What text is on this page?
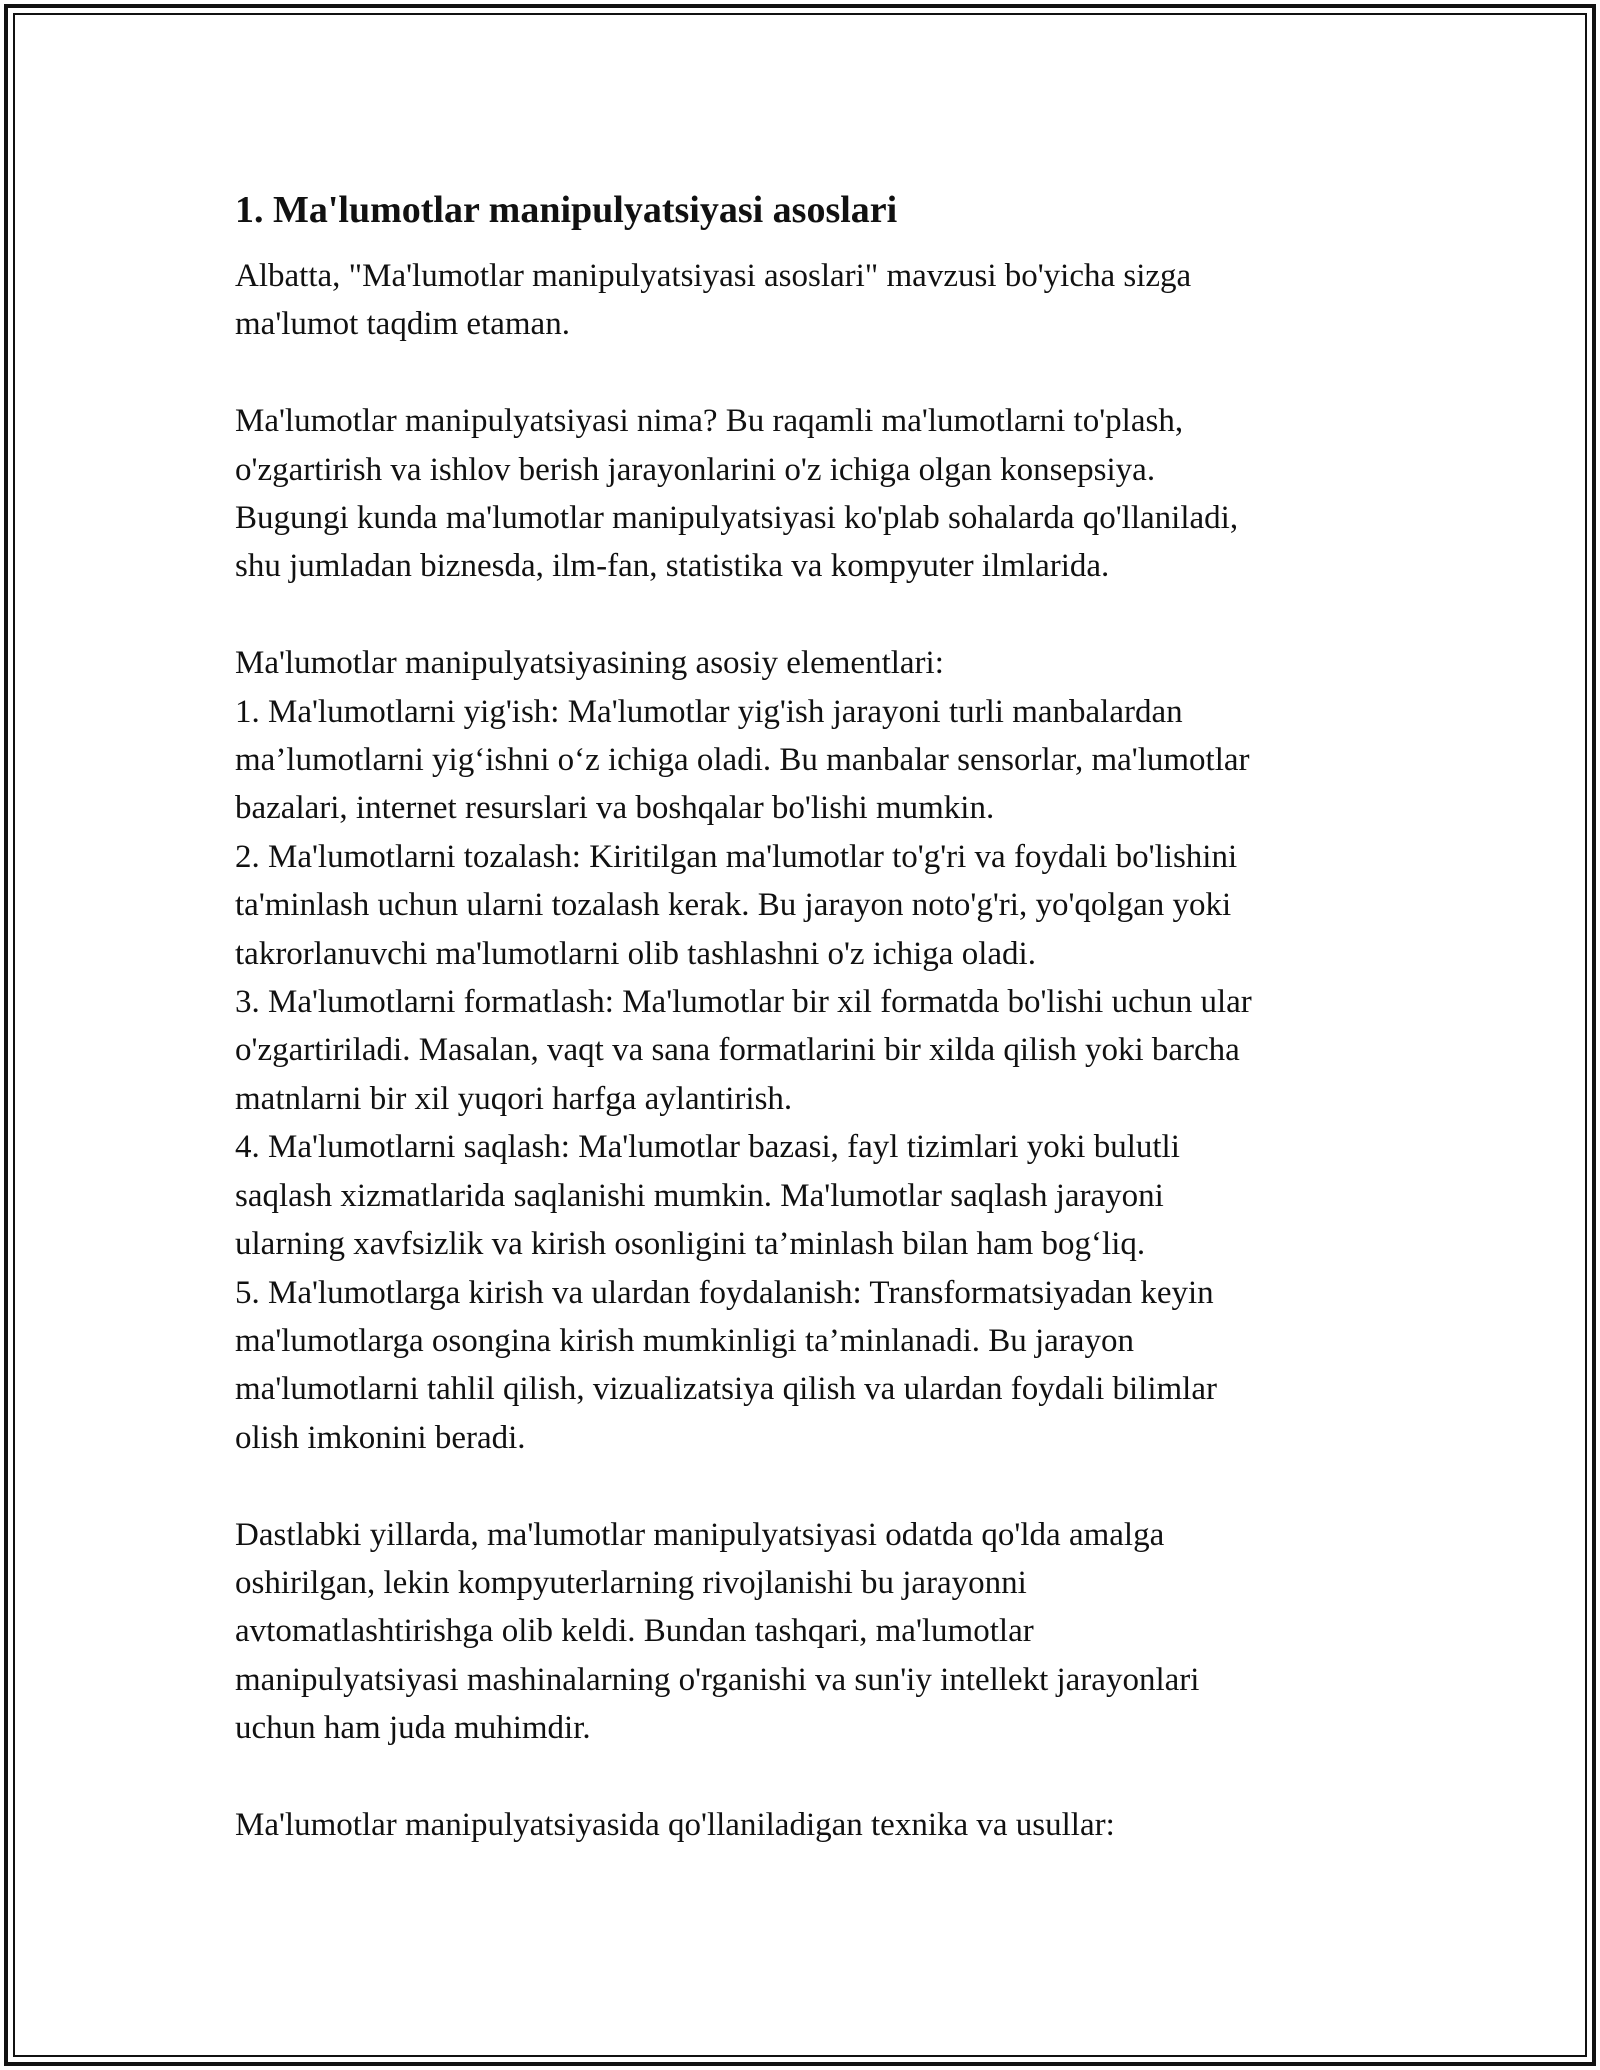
1. Ma'lumotlar manipulyatsiyasi asoslari

Albatta, "Ma'lumotlar manipulyatsiyasi asoslari" mavzusi bo'yicha sizga
ma'lumot taqdim etaman.

Ma'lumotlar manipulyatsiyasi nima? Bu raqamli ma'lumotlarni to'plash,
o'zgartirish va ishlov berish jarayonlarini o'z ichiga olgan konsepsiya.
Bugungi kunda ma'lumotlar manipulyatsiyasi ko'plab sohalarda qo'llaniladi,
shu jumladan biznesda, ilm-fan, statistika va kompyuter ilmlarida.

Ma'lumotlar manipulyatsiyasining asosiy elementlari:
1. Ma'lumotlarni yig'ish: Ma'lumotlar yig'ish jarayoni turli manbalardan
ma’lumotlarni yig‘ishni o‘z ichiga oladi. Bu manbalar sensorlar, ma'lumotlar
bazalari, internet resurslari va boshqalar bo'lishi mumkin.
2. Ma'lumotlarni tozalash: Kiritilgan ma'lumotlar to'g'ri va foydali bo'lishini
ta'minlash uchun ularni tozalash kerak. Bu jarayon noto'g'ri, yo'qolgan yoki
takrorlanuvchi ma'lumotlarni olib tashlashni o'z ichiga oladi.
3. Ma'lumotlarni formatlash: Ma'lumotlar bir xil formatda bo'lishi uchun ular
o'zgartiriladi. Masalan, vaqt va sana formatlarini bir xilda qilish yoki barcha
matnlarni bir xil yuqori harfga aylantirish.
4. Ma'lumotlarni saqlash: Ma'lumotlar bazasi, fayl tizimlari yoki bulutli
saqlash xizmatlarida saqlanishi mumkin. Ma'lumotlar saqlash jarayoni
ularning xavfsizlik va kirish osonligini ta’minlash bilan ham bog‘liq.
5. Ma'lumotlarga kirish va ulardan foydalanish: Transformatsiyadan keyin
ma'lumotlarga osongina kirish mumkinligi ta’minlanadi. Bu jarayon
ma'lumotlarni tahlil qilish, vizualizatsiya qilish va ulardan foydali bilimlar
olish imkonini beradi.

Dastlabki yillarda, ma'lumotlar manipulyatsiyasi odatda qo'lda amalga
oshirilgan, lekin kompyuterlarning rivojlanishi bu jarayonni
avtomatlashtirishga olib keldi. Bundan tashqari, ma'lumotlar
manipulyatsiyasi mashinalarning o'rganishi va sun'iy intellekt jarayonlari
uchun ham juda muhimdir.

Ma'lumotlar manipulyatsiyasida qo'llaniladigan texnika va usullar:
